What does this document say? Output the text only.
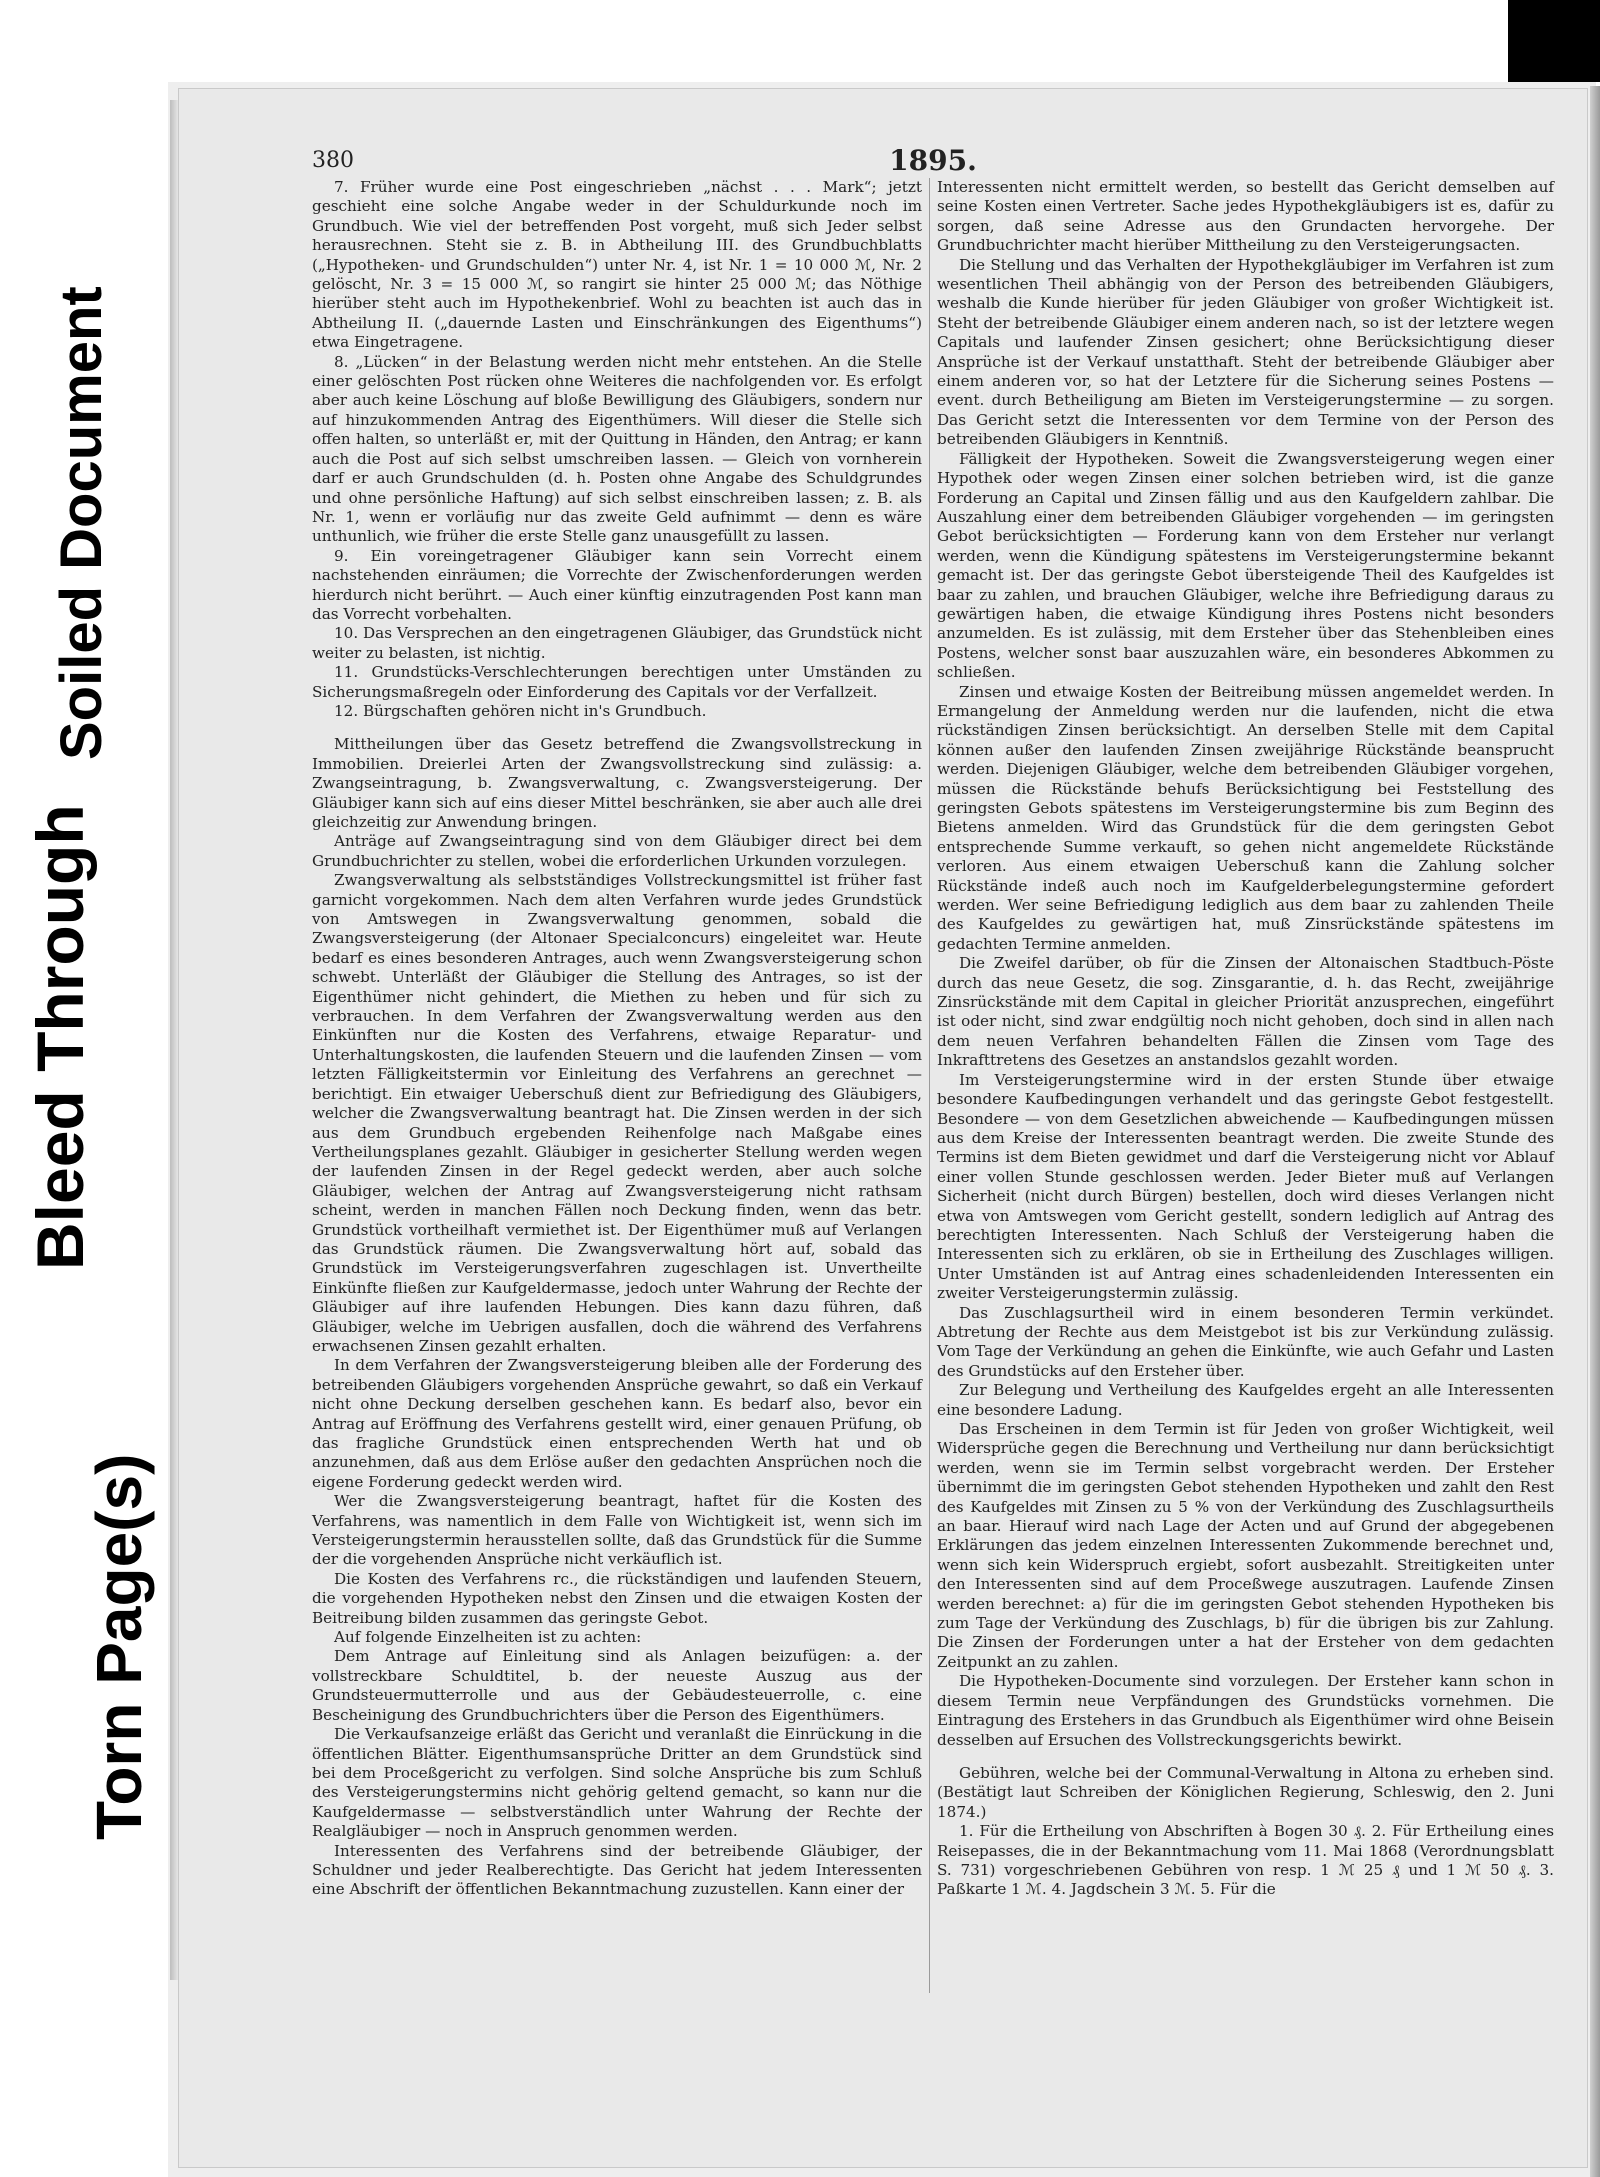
Soiled Document
Bleed Through
Torn Page(s)
380	1895.

7. Früher wurde eine Post eingeschrieben „nächst . . . Mark“; jetzt geschieht eine solche Angabe weder in der Schuldurkunde noch im Grundbuch. Wie viel der betreffenden Post vorgeht, muß sich Jeder selbst herausrechnen. Steht sie z. B. in Abtheilung III. des Grundbuchblatts („Hypotheken- und Grundschulden“) unter Nr. 4, ist Nr. 1 = 10 000 ℳ, Nr. 2 gelöscht, Nr. 3 = 15 000 ℳ, so rangirt sie hinter 25 000 ℳ; das Nöthige hierüber steht auch im Hypothekenbrief. Wohl zu beachten ist auch das in Abtheilung II. („dauernde Lasten und Einschränkungen des Eigenthums“) etwa Eingetragene.

8. „Lücken“ in der Belastung werden nicht mehr entstehen. An die Stelle einer gelöschten Post rücken ohne Weiteres die nachfolgenden vor. Es erfolgt aber auch keine Löschung auf bloße Bewilligung des Gläubigers, sondern nur auf hinzukommenden Antrag des Eigenthümers. Will dieser die Stelle sich offen halten, so unterläßt er, mit der Quittung in Händen, den Antrag; er kann auch die Post auf sich selbst umschreiben lassen. — Gleich von vornherein darf er auch Grundschulden (d. h. Posten ohne Angabe des Schuldgrundes und ohne persönliche Haftung) auf sich selbst einschreiben lassen; z. B. als Nr. 1, wenn er vorläufig nur das zweite Geld aufnimmt — denn es wäre unthunlich, wie früher die erste Stelle ganz unausgefüllt zu lassen.

9. Ein voreingetragener Gläubiger kann sein Vorrecht einem nachstehenden einräumen; die Vorrechte der Zwischenforderungen werden hierdurch nicht berührt. — Auch einer künftig einzutragenden Post kann man das Vorrecht vorbehalten.

10. Das Versprechen an den eingetragenen Gläubiger, das Grundstück nicht weiter zu belasten, ist nichtig.

11. Grundstücks-Verschlechterungen berechtigen unter Umständen zu Sicherungsmaßregeln oder Einforderung des Capitals vor der Verfallzeit.

12. Bürgschaften gehören nicht in's Grundbuch.

Mittheilungen über das Gesetz betreffend die Zwangsvollstreckung in Immobilien. Dreierlei Arten der Zwangsvollstreckung sind zulässig: a. Zwangseintragung, b. Zwangsverwaltung, c. Zwangsversteigerung. Der Gläubiger kann sich auf eins dieser Mittel beschränken, sie aber auch alle drei gleichzeitig zur Anwendung bringen.

Anträge auf Zwangseintragung sind von dem Gläubiger direct bei dem Grundbuchrichter zu stellen, wobei die erforderlichen Urkunden vorzulegen.

Zwangsverwaltung als selbstständiges Vollstreckungsmittel ist früher fast garnicht vorgekommen. Nach dem alten Verfahren wurde jedes Grundstück von Amtswegen in Zwangsverwaltung genommen, sobald die Zwangsversteigerung (der Altonaer Specialconcurs) eingeleitet war. Heute bedarf es eines besonderen Antrages, auch wenn Zwangsversteigerung schon schwebt. Unterläßt der Gläubiger die Stellung des Antrages, so ist der Eigenthümer nicht gehindert, die Miethen zu heben und für sich zu verbrauchen. In dem Verfahren der Zwangsverwaltung werden aus den Einkünften nur die Kosten des Verfahrens, etwaige Reparatur- und Unterhaltungskosten, die laufenden Steuern und die laufenden Zinsen — vom letzten Fälligkeitstermin vor Einleitung des Verfahrens an gerechnet — berichtigt. Ein etwaiger Ueberschuß dient zur Befriedigung des Gläubigers, welcher die Zwangsverwaltung beantragt hat. Die Zinsen werden in der sich aus dem Grundbuch ergebenden Reihenfolge nach Maßgabe eines Vertheilungsplanes gezahlt. Gläubiger in gesicherter Stellung werden wegen der laufenden Zinsen in der Regel gedeckt werden, aber auch solche Gläubiger, welchen der Antrag auf Zwangsversteigerung nicht rathsam scheint, werden in manchen Fällen noch Deckung finden, wenn das betr. Grundstück vortheilhaft vermiethet ist. Der Eigenthümer muß auf Verlangen das Grundstück räumen. Die Zwangsverwaltung hört auf, sobald das Grundstück im Versteigerungsverfahren zugeschlagen ist. Unvertheilte Einkünfte fließen zur Kaufgeldermasse, jedoch unter Wahrung der Rechte der Gläubiger auf ihre laufenden Hebungen. Dies kann dazu führen, daß Gläubiger, welche im Uebrigen ausfallen, doch die während des Verfahrens erwachsenen Zinsen gezahlt erhalten.

In dem Verfahren der Zwangsversteigerung bleiben alle der Forderung des betreibenden Gläubigers vorgehenden Ansprüche gewahrt, so daß ein Verkauf nicht ohne Deckung derselben geschehen kann. Es bedarf also, bevor ein Antrag auf Eröffnung des Verfahrens gestellt wird, einer genauen Prüfung, ob das fragliche Grundstück einen entsprechenden Werth hat und ob anzunehmen, daß aus dem Erlöse außer den gedachten Ansprüchen noch die eigene Forderung gedeckt werden wird.

Wer die Zwangsversteigerung beantragt, haftet für die Kosten des Verfahrens, was namentlich in dem Falle von Wichtigkeit ist, wenn sich im Versteigerungstermin herausstellen sollte, daß das Grundstück für die Summe der die vorgehenden Ansprüche nicht verkäuflich ist.

Die Kosten des Verfahrens rc., die rückständigen und laufenden Steuern, die vorgehenden Hypotheken nebst den Zinsen und die etwaigen Kosten der Beitreibung bilden zusammen das geringste Gebot.

Auf folgende Einzelheiten ist zu achten:

Dem Antrage auf Einleitung sind als Anlagen beizufügen: a. der vollstreckbare Schuldtitel, b. der neueste Auszug aus der Grundsteuermutterrolle und aus der Gebäudesteuerrolle, c. eine Bescheinigung des Grundbuchrichters über die Person des Eigenthümers.

Die Verkaufsanzeige erläßt das Gericht und veranlaßt die Einrückung in die öffentlichen Blätter. Eigenthumsansprüche Dritter an dem Grundstück sind bei dem Proceßgericht zu verfolgen. Sind solche Ansprüche bis zum Schluß des Versteigerungstermins nicht gehörig geltend gemacht, so kann nur die Kaufgeldermasse — selbstverständlich unter Wahrung der Rechte der Realgläubiger — noch in Anspruch genommen werden.

Interessenten des Verfahrens sind der betreibende Gläubiger, der Schuldner und jeder Realberechtigte. Das Gericht hat jedem Interessenten eine Abschrift der öffentlichen Bekanntmachung zuzustellen. Kann einer der

Interessenten nicht ermittelt werden, so bestellt das Gericht demselben auf seine Kosten einen Vertreter. Sache jedes Hypothekgläubigers ist es, dafür zu sorgen, daß seine Adresse aus den Grundacten hervorgehe. Der Grundbuchrichter macht hierüber Mittheilung zu den Versteigerungsacten.

Die Stellung und das Verhalten der Hypothekgläubiger im Verfahren ist zum wesentlichen Theil abhängig von der Person des betreibenden Gläubigers, weshalb die Kunde hierüber für jeden Gläubiger von großer Wichtigkeit ist. Steht der betreibende Gläubiger einem anderen nach, so ist der letztere wegen Capitals und laufender Zinsen gesichert; ohne Berücksichtigung dieser Ansprüche ist der Verkauf unstatthaft. Steht der betreibende Gläubiger aber einem anderen vor, so hat der Letztere für die Sicherung seines Postens — event. durch Betheiligung am Bieten im Versteigerungstermine — zu sorgen. Das Gericht setzt die Interessenten vor dem Termine von der Person des betreibenden Gläubigers in Kenntniß.

Fälligkeit der Hypotheken. Soweit die Zwangsversteigerung wegen einer Hypothek oder wegen Zinsen einer solchen betrieben wird, ist die ganze Forderung an Capital und Zinsen fällig und aus den Kaufgeldern zahlbar. Die Auszahlung einer dem betreibenden Gläubiger vorgehenden — im geringsten Gebot berücksichtigten — Forderung kann von dem Ersteher nur verlangt werden, wenn die Kündigung spätestens im Versteigerungstermine bekannt gemacht ist. Der das geringste Gebot übersteigende Theil des Kaufgeldes ist baar zu zahlen, und brauchen Gläubiger, welche ihre Befriedigung daraus zu gewärtigen haben, die etwaige Kündigung ihres Postens nicht besonders anzumelden. Es ist zulässig, mit dem Ersteher über das Stehenbleiben eines Postens, welcher sonst baar auszuzahlen wäre, ein besonderes Abkommen zu schließen.

Zinsen und etwaige Kosten der Beitreibung müssen angemeldet werden. In Ermangelung der Anmeldung werden nur die laufenden, nicht die etwa rückständigen Zinsen berücksichtigt. An derselben Stelle mit dem Capital können außer den laufenden Zinsen zweijährige Rückstände beansprucht werden. Diejenigen Gläubiger, welche dem betreibenden Gläubiger vorgehen, müssen die Rückstände behufs Berücksichtigung bei Feststellung des geringsten Gebots spätestens im Versteigerungstermine bis zum Beginn des Bietens anmelden. Wird das Grundstück für die dem geringsten Gebot entsprechende Summe verkauft, so gehen nicht angemeldete Rückstände verloren. Aus einem etwaigen Ueberschuß kann die Zahlung solcher Rückstände indeß auch noch im Kaufgelderbelegungstermine gefordert werden. Wer seine Befriedigung lediglich aus dem baar zu zahlenden Theile des Kaufgeldes zu gewärtigen hat, muß Zinsrückstände spätestens im gedachten Termine anmelden.

Die Zweifel darüber, ob für die Zinsen der Altonaischen Stadtbuch-Pöste durch das neue Gesetz, die sog. Zinsgarantie, d. h. das Recht, zweijährige Zinsrückstände mit dem Capital in gleicher Priorität anzusprechen, eingeführt ist oder nicht, sind zwar endgültig noch nicht gehoben, doch sind in allen nach dem neuen Verfahren behandelten Fällen die Zinsen vom Tage des Inkrafttretens des Gesetzes an anstandslos gezahlt worden.

Im Versteigerungstermine wird in der ersten Stunde über etwaige besondere Kaufbedingungen verhandelt und das geringste Gebot festgestellt. Besondere — von dem Gesetzlichen abweichende — Kaufbedingungen müssen aus dem Kreise der Interessenten beantragt werden. Die zweite Stunde des Termins ist dem Bieten gewidmet und darf die Versteigerung nicht vor Ablauf einer vollen Stunde geschlossen werden. Jeder Bieter muß auf Verlangen Sicherheit (nicht durch Bürgen) bestellen, doch wird dieses Verlangen nicht etwa von Amtswegen vom Gericht gestellt, sondern lediglich auf Antrag des berechtigten Interessenten. Nach Schluß der Versteigerung haben die Interessenten sich zu erklären, ob sie in Ertheilung des Zuschlages willigen. Unter Umständen ist auf Antrag eines schadenleidenden Interessenten ein zweiter Versteigerungstermin zulässig.

Das Zuschlagsurtheil wird in einem besonderen Termin verkündet. Abtretung der Rechte aus dem Meistgebot ist bis zur Verkündung zulässig. Vom Tage der Verkündung an gehen die Einkünfte, wie auch Gefahr und Lasten des Grundstücks auf den Ersteher über.

Zur Belegung und Vertheilung des Kaufgeldes ergeht an alle Interessenten eine besondere Ladung.

Das Erscheinen in dem Termin ist für Jeden von großer Wichtigkeit, weil Widersprüche gegen die Berechnung und Vertheilung nur dann berücksichtigt werden, wenn sie im Termin selbst vorgebracht werden. Der Ersteher übernimmt die im geringsten Gebot stehenden Hypotheken und zahlt den Rest des Kaufgeldes mit Zinsen zu 5 % von der Verkündung des Zuschlagsurtheils an baar. Hierauf wird nach Lage der Acten und auf Grund der abgegebenen Erklärungen das jedem einzelnen Interessenten Zukommende berechnet und, wenn sich kein Widerspruch ergiebt, sofort ausbezahlt. Streitigkeiten unter den Interessenten sind auf dem Proceßwege auszutragen. Laufende Zinsen werden berechnet: a) für die im geringsten Gebot stehenden Hypotheken bis zum Tage der Verkündung des Zuschlags, b) für die übrigen bis zur Zahlung. Die Zinsen der Forderungen unter a hat der Ersteher von dem gedachten Zeitpunkt an zu zahlen.

Die Hypotheken-Documente sind vorzulegen. Der Ersteher kann schon in diesem Termin neue Verpfändungen des Grundstücks vornehmen. Die Eintragung des Erstehers in das Grundbuch als Eigenthümer wird ohne Beisein desselben auf Ersuchen des Vollstreckungsgerichts bewirkt.

Gebühren, welche bei der Communal-Verwaltung in Altona zu erheben sind. (Bestätigt laut Schreiben der Königlichen Regierung, Schleswig, den 2. Juni 1874.)

1. Für die Ertheilung von Abschriften à Bogen 30 ₰. 2. Für Ertheilung eines Reisepasses, die in der Bekanntmachung vom 11. Mai 1868 (Verordnungsblatt S. 731) vorgeschriebenen Gebühren von resp. 1 ℳ 25 ₰ und 1 ℳ 50 ₰. 3. Paßkarte 1 ℳ. 4. Jagdschein 3 ℳ. 5. Für die
